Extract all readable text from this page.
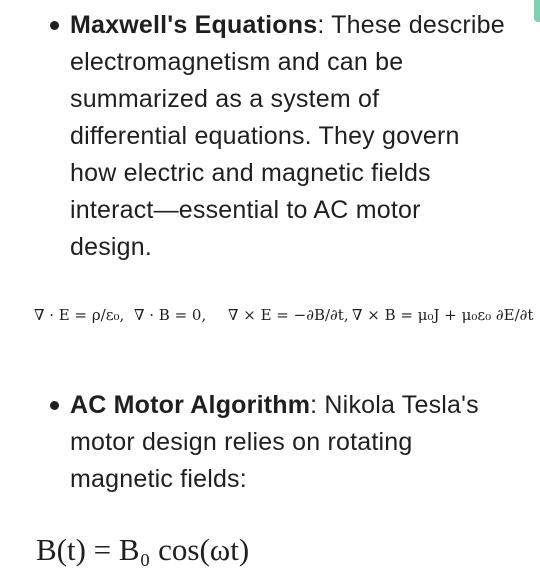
Maxwell's Equations: These describe
electromagnetism and can be
summarized as a system of
differential equations. They govern
how electric and magnetic fields
interact—essential to AC motor
design.
∇ · E = ρ/ε₀, ∇ · B = 0, ∇ × E = −∂B/∂t, ∇ × B = μ₀J + μ₀ε₀ ∂E/∂t
AC Motor Algorithm: Nikola Tesla's
motor design relies on rotating
magnetic fields:
B(t) = B₀ cos(ωt)
